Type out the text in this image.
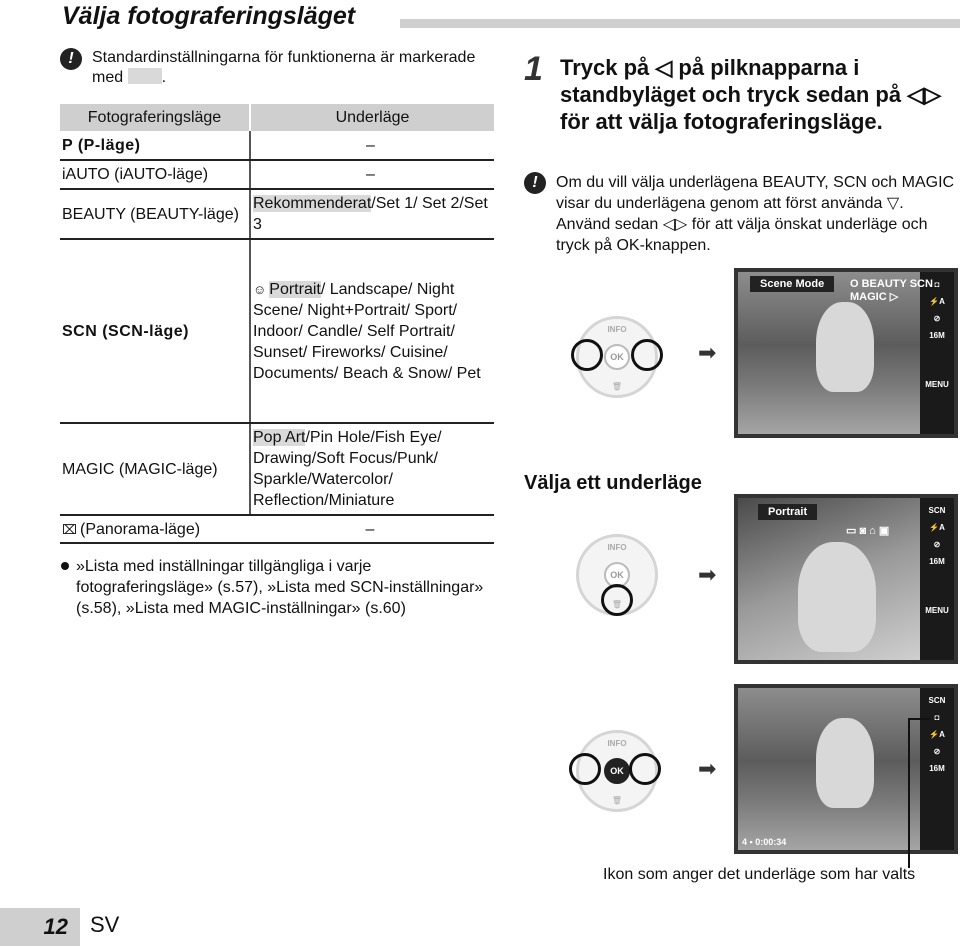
Välja fotograferingsläget
!	Standardinställningarna för funktionerna är markerade med .
Fotograferingsläge	Underläge
P (P-läge)	–
iAUTO (iAUTO-läge)	–
BEAUTY (BEAUTY-läge)	Rekommenderat/Set 1/ Set 2/Set 3
SCN (SCN-läge)	☺ Portrait/ Landscape/ Night Scene/ Night+Portrait/ Sport/ Indoor/ Candle/ Self Portrait/ Sunset/ Fireworks/ Cuisine/ Documents/ Beach & Snow/ Pet
MAGIC (MAGIC-läge)	Pop Art/Pin Hole/Fish Eye/ Drawing/Soft Focus/Punk/ Sparkle/Watercolor/ Reflection/Miniature
⌧ (Panorama-läge)	–
»Lista med inställningar tillgängliga i varje fotograferingsläge» (s.57), »Lista med SCN-inställningar» (s.58), »Lista med MAGIC-inställningar» (s.60)
1 Tryck på ◁ på pilknapparna i standbyläget och tryck sedan på ◁▷ för att välja fotograferingsläge.
!	Om du vill välja underlägena BEAUTY, SCN och MAGIC visar du underlägena genom att först använda ▽. Använd sedan ◁▷ för att välja önskat underläge och tryck på OK-knappen.
INFO
OK
🗑
➡
◘
⚡A
⊘
16M
MENU
Scene Mode	O BEAUTY SCN MAGIC ▷
Välja ett underläge
INFO
OK
🗑
➡
SCN
⚡A
⊘
16M
MENU
Portrait
▭ ◙ ⌂ ▣
INFO
OK
🗑
➡
SCN
◘
⚡A
⊘
16M
4 ▪ 0:00:34
Ikon som anger det underläge som har valts
12 SV
